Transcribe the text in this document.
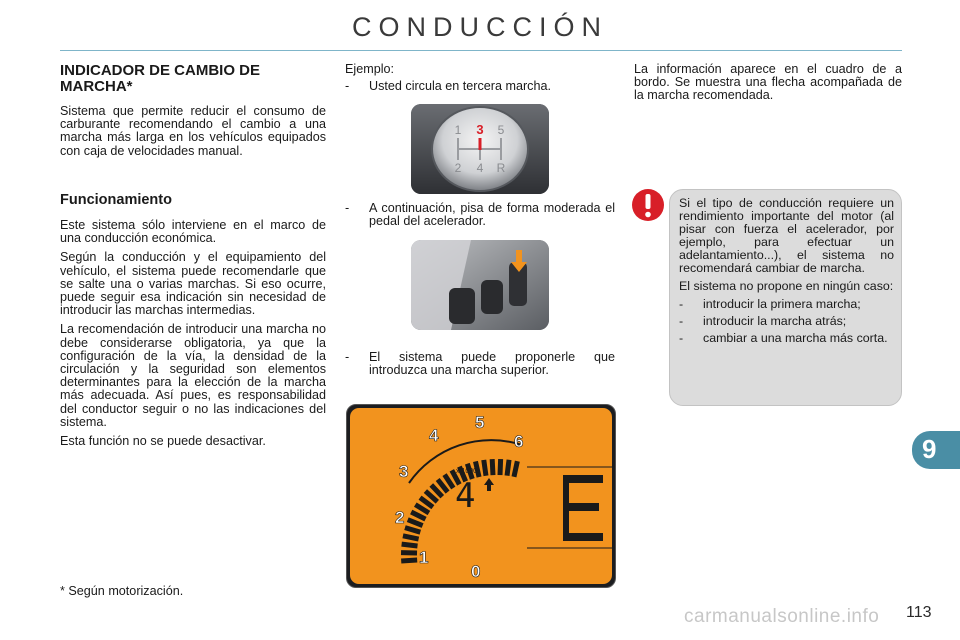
CONDUCCIÓN
INDICADOR DE CAMBIO DE MARCHA*

Sistema que permite reducir el consumo de carburante recomendando el cambio a una marcha más larga en los vehículos equipados con caja de velocidades manual.

Funcionamiento

Este sistema sólo interviene en el marco de una conducción económica.

Según la conducción y el equipamiento del vehículo, el sistema puede recomendarle que se salte una o varias marchas. Si eso ocurre, puede seguir esa indicación sin necesidad de introducir las marchas intermedias.

La recomendación de introducir una marcha no debe considerarse obligatoria, ya que la configuración de la vía, la densidad de la circulación y la seguridad son elementos determinantes para la elección de la marcha más adecuada. Así pues, es responsabilidad del conductor seguir o no las indicaciones del sistema.

Esta función no se puede desactivar.

* Según motorización.
Ejemplo:
-	Usted circula en tercera marcha.
1 3 5
2 4 R
-	A continuación, pisa de forma moderada el pedal del acelerador.
-	El sistema puede proponerle que introduzca una marcha superior.
0
1
2
3
4
5
6
x 1000
4

La información aparece en el cuadro de a bordo. Se muestra una flecha acompañada de la marcha recomendada.

Si el tipo de conducción requiere un rendimiento importante del motor (al pisar con fuerza el acelerador, por ejemplo, para efectuar un adelantamiento...), el sistema no recomendará cambiar de marcha.

El sistema no propone en ningún caso:

-	introducir la primera marcha;
-	introducir la marcha atrás;
-	cambiar a una marcha más corta.
9
carmanualsonline.info 113
